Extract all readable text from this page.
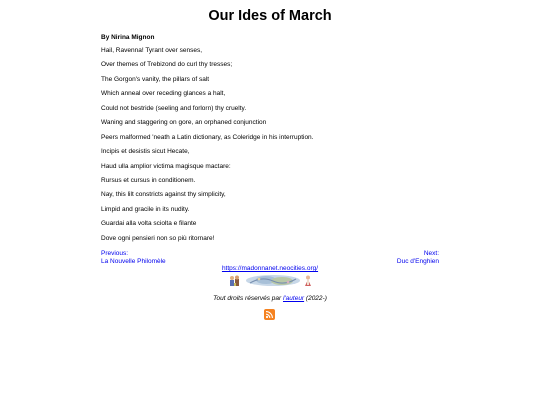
Our Ides of March
By Nirina Mignon
Hail, Ravenna! Tyrant over senses,
Over themes of Trebizond do curl thy tresses;
The Gorgon's vanity, the pillars of salt
Which anneal over receding glances a halt,
Could not bestride (seeling and forlorn) thy cruelty.
Waning and staggering on gore, an orphaned conjunction
Peers malformed 'neath a Latin dictionary, as Coleridge in his interruption.
Incipis et desistis sicut Hecate,
Haud ulla amplior victima magisque mactare:
Rursus et cursus in conditionem.
Nay, this lilt constricts against thy simplicity,
Limpid and gracile in its nudity.
Guardai alla volta sciolta e filante
Dove ogni pensieri non so più ritornare!
Previous:
La Nouvelle Philomèle
Next:
Duc d'Enghien
https://madonnanet.neocities.org/
Tout droits réservés par l'auteur (2022-)
